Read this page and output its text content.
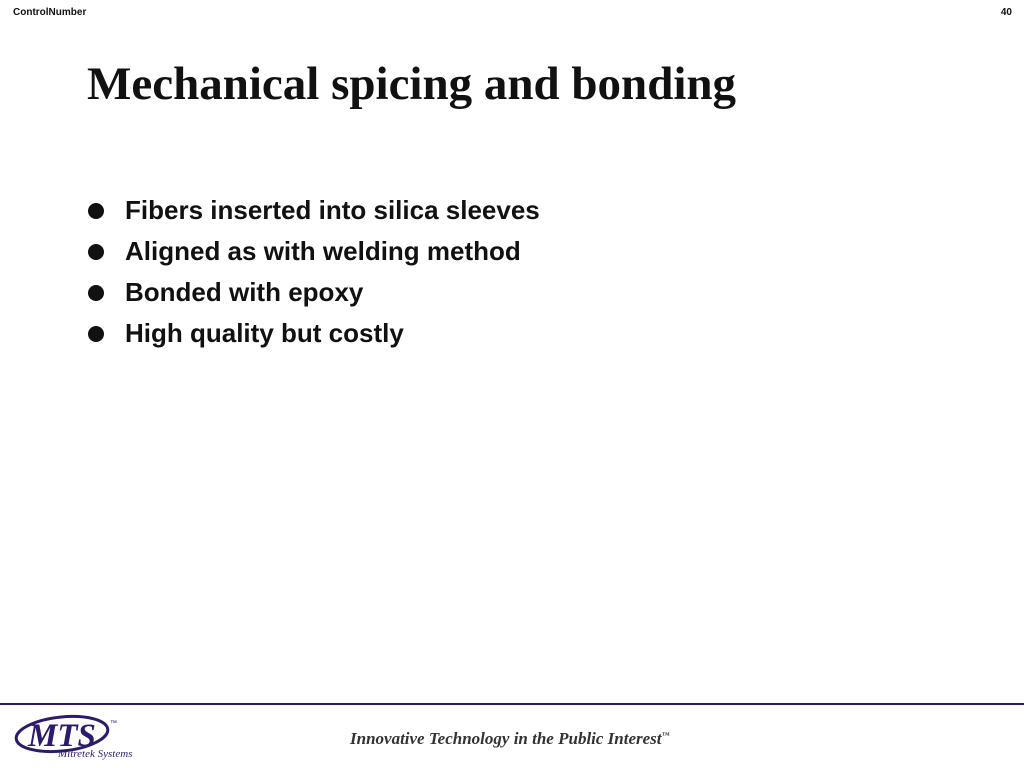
ControlNumber	40
Mechanical spicing and bonding
Fibers inserted into silica sleeves
Aligned as with welding method
Bonded with epoxy
High quality but costly
MTS ™
Mitretek Systems
Innovative Technology in the Public Interest™
